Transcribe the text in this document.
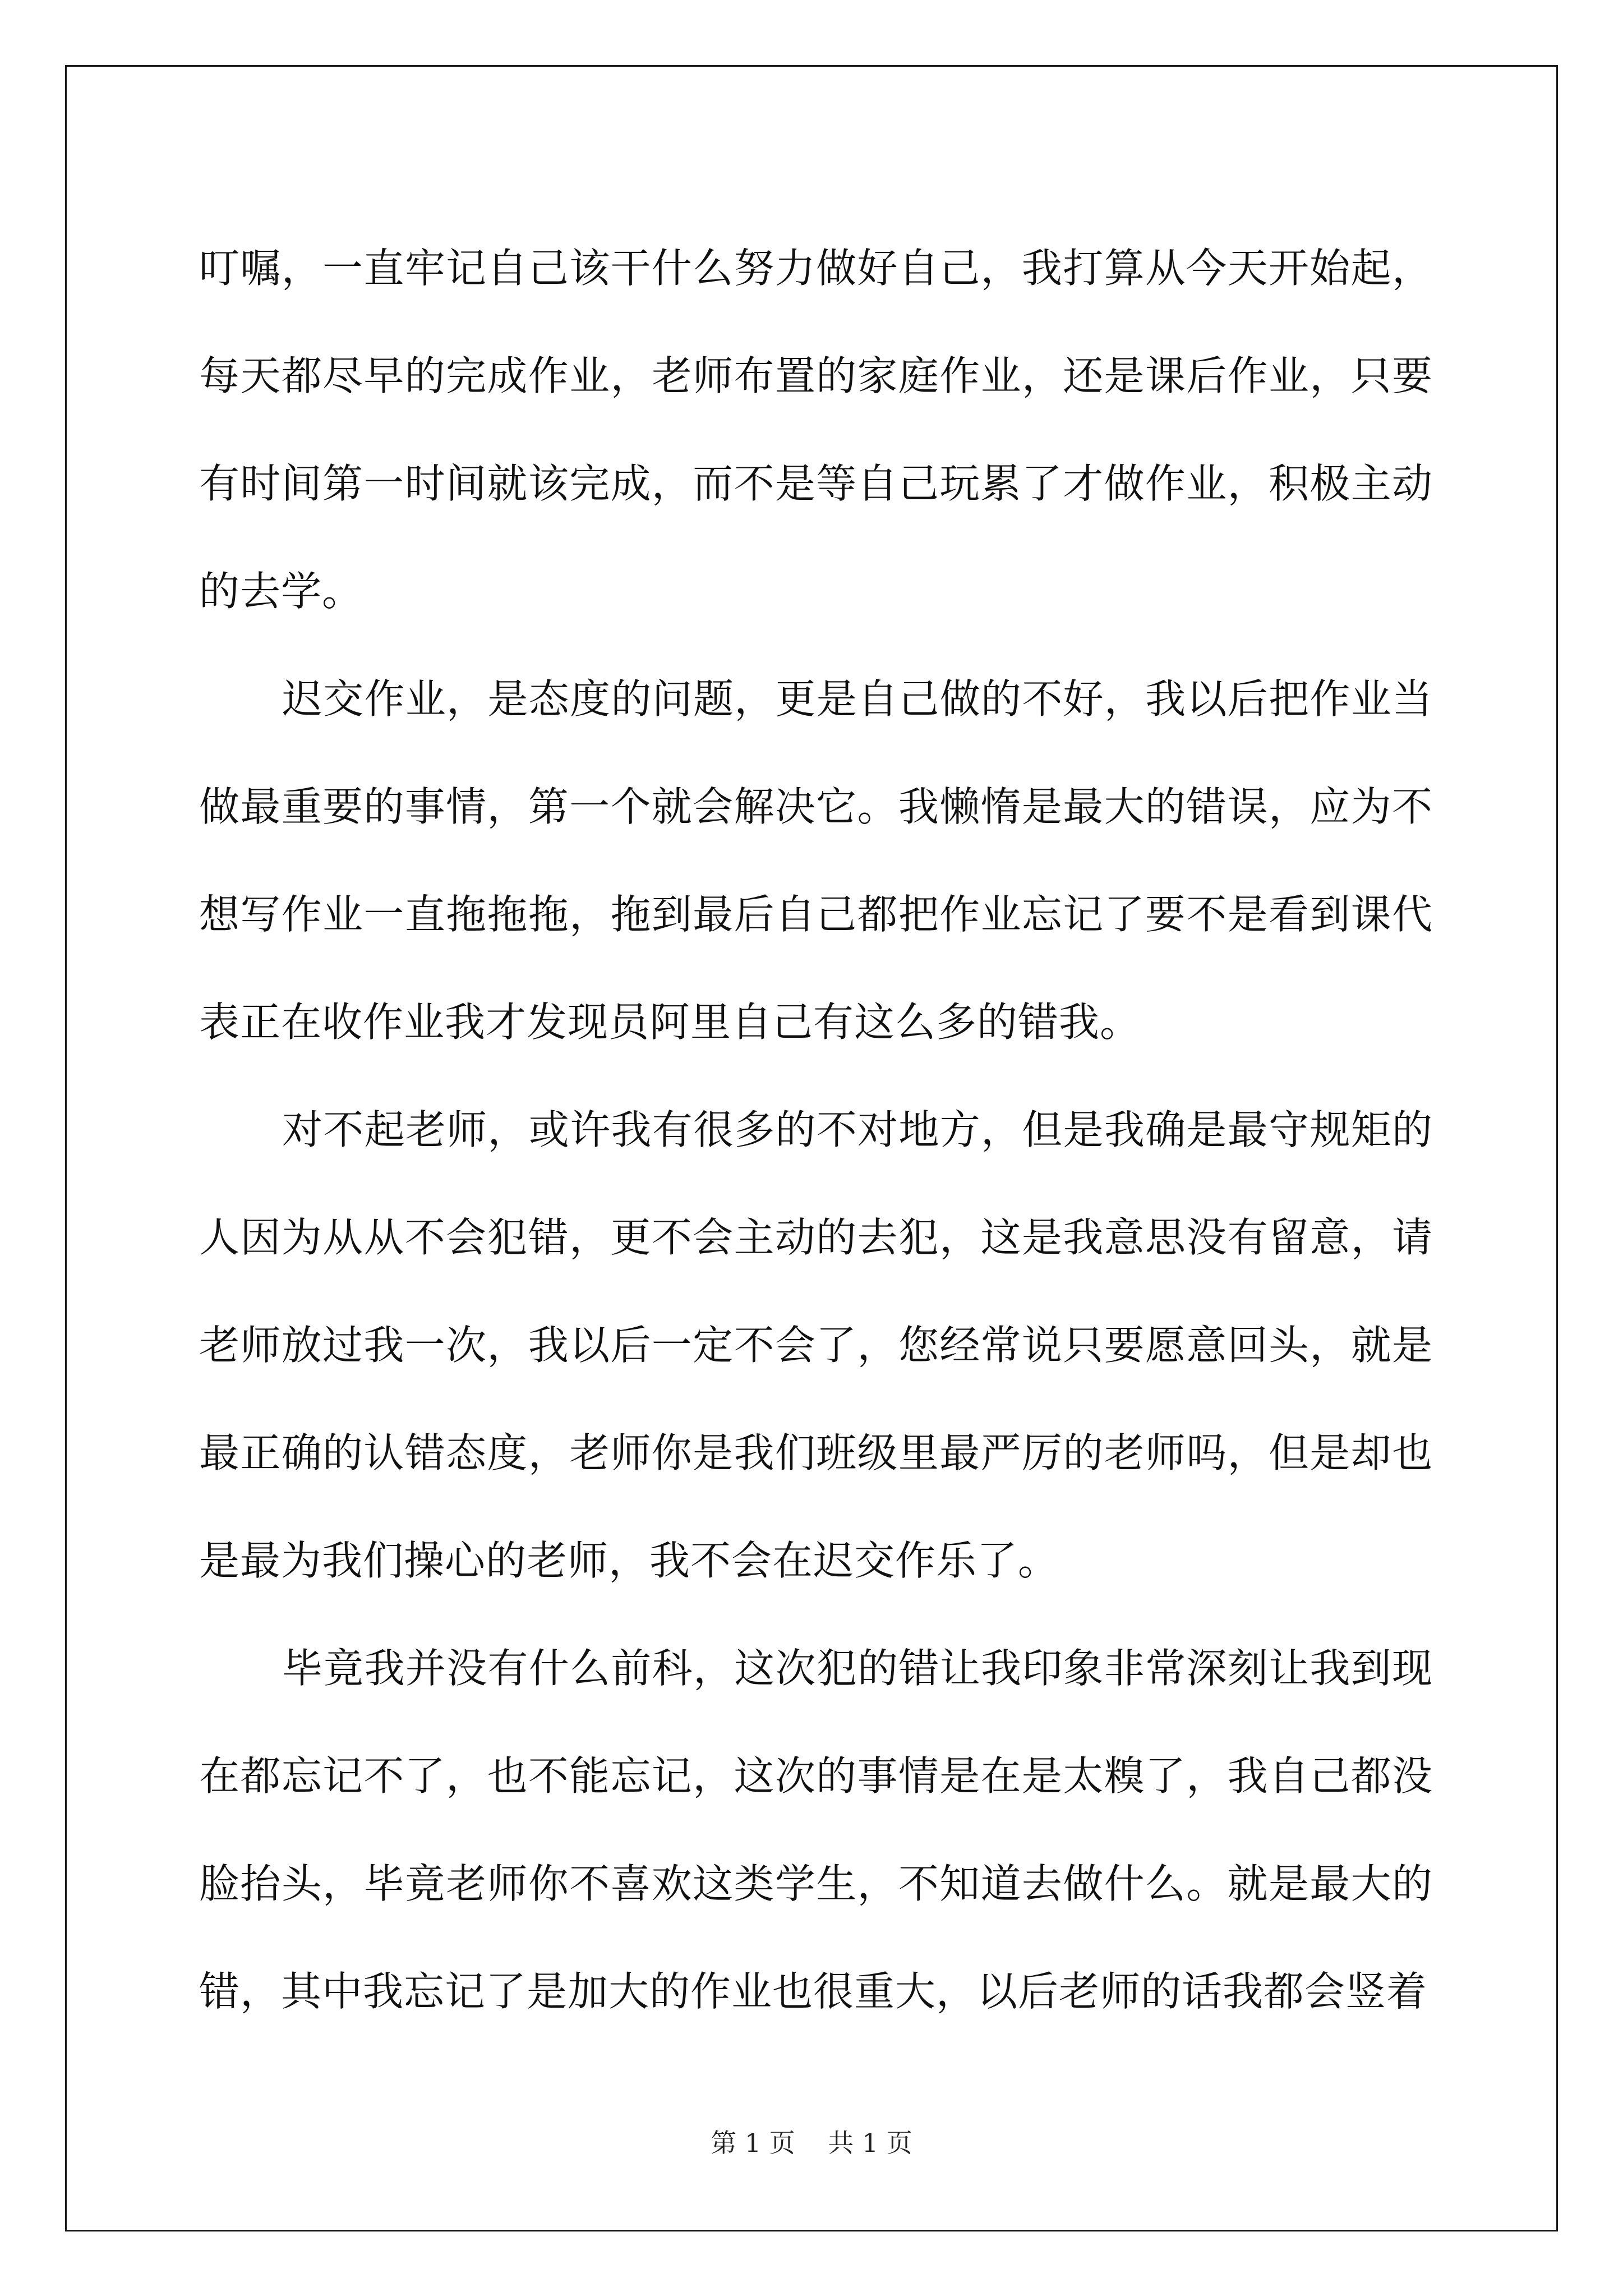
叮嘱，一直牢记自己该干什么努力做好自己，我打算从今天开始起，每天都尽早的完成作业，老师布置的家庭作业，还是课后作业，只要有时间第一时间就该完成，而不是等自己玩累了才做作业，积极主动的去学。

迟交作业，是态度的问题，更是自己做的不好，我以后把作业当做最重要的事情，第一个就会解决它。我懒惰是最大的错误，应为不想写作业一直拖拖拖，拖到最后自己都把作业忘记了要不是看到课代表正在收作业我才发现员阿里自己有这么多的错我。

对不起老师，或许我有很多的不对地方，但是我确是最守规矩的人因为从从不会犯错，更不会主动的去犯，这是我意思没有留意，请老师放过我一次，我以后一定不会了，您经常说只要愿意回头，就是最正确的认错态度，老师你是我们班级里最严厉的老师吗，但是却也是最为我们操心的老师，我不会在迟交作乐了。

毕竟我并没有什么前科，这次犯的错让我印象非常深刻让我到现在都忘记不了，也不能忘记，这次的事情是在是太糗了，我自己都没脸抬头，毕竟老师你不喜欢这类学生，不知道去做什么。就是最大的错，其中我忘记了是加大的作业也很重大，以后老师的话我都会竖着

第 1 页    共 1 页
